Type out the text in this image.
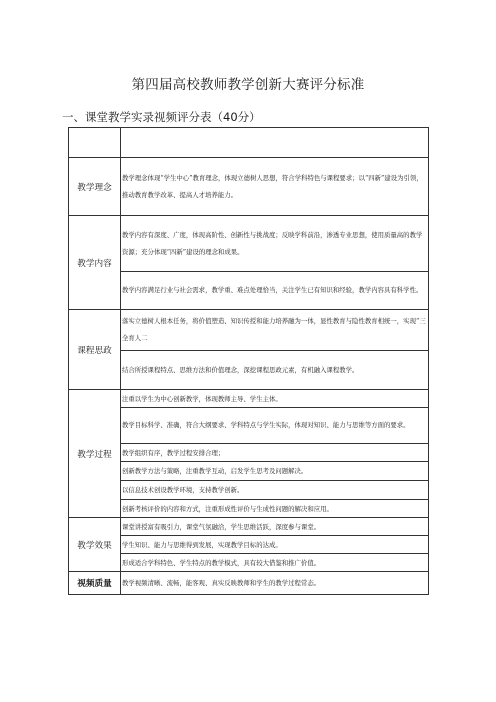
第四届高校教师教学创新大赛评分标准
一、课堂教学实录视频评分表（40分）

教学理念	教学理念体现“学生中心”教育理念，体现立德树人思想，符合学科特色与课程要求；以“四新”建设为引领，推动教育教学改革、提高人才培养能力。
教学内容	教学内容有深度、广度，体现高阶性、创新性与挑战度；反映学科前沿，渗透专业思想，使用质量高的教学资源；充分体现“四新”建设的理念和成果。
	教学内容满足行业与社会需求，教学重、难点处理恰当，关注学生已有知识和经验，教学内容具有科学性。
课程思政	落实立德树人根本任务，将价值塑造、知识传授和能力培养融为一体，显性教育与隐性教育相统一，实现“三全育人二
	结合所授课程特点、思维方法和价值理念，深挖课程思政元素，有机融入课程教学。
教学过程	注重以学生为中心创新教学，体现教师主导、学生主体。
	教学目标科学、准确，符合大纲要求、学科特点与学生实际，体现对知识、能力与思维等方面的要求。
	教学组织有序，教学过程安排合理；
	创新教学方法与策略，注重教学互动，启发学生思考及问题解决。
	以信息技术创设教学环境，支持教学创新。
	创新考核评价的内容和方式，注重形成性评价与生成性问题的解决和应用。
教学效果	课堂讲授富有吸引力，课堂气氛融洽，学生思维活跃，深度参与课堂。
	学生知识、能力与思维得到发展，实现教学目标的达成。
	形成适合学科特色、学生特点的教学模式，具有较大借鉴和推广价值。
视频质量	教学视频清晰、流畅，能客观、真实反映教师和学生的教学过程常态。
